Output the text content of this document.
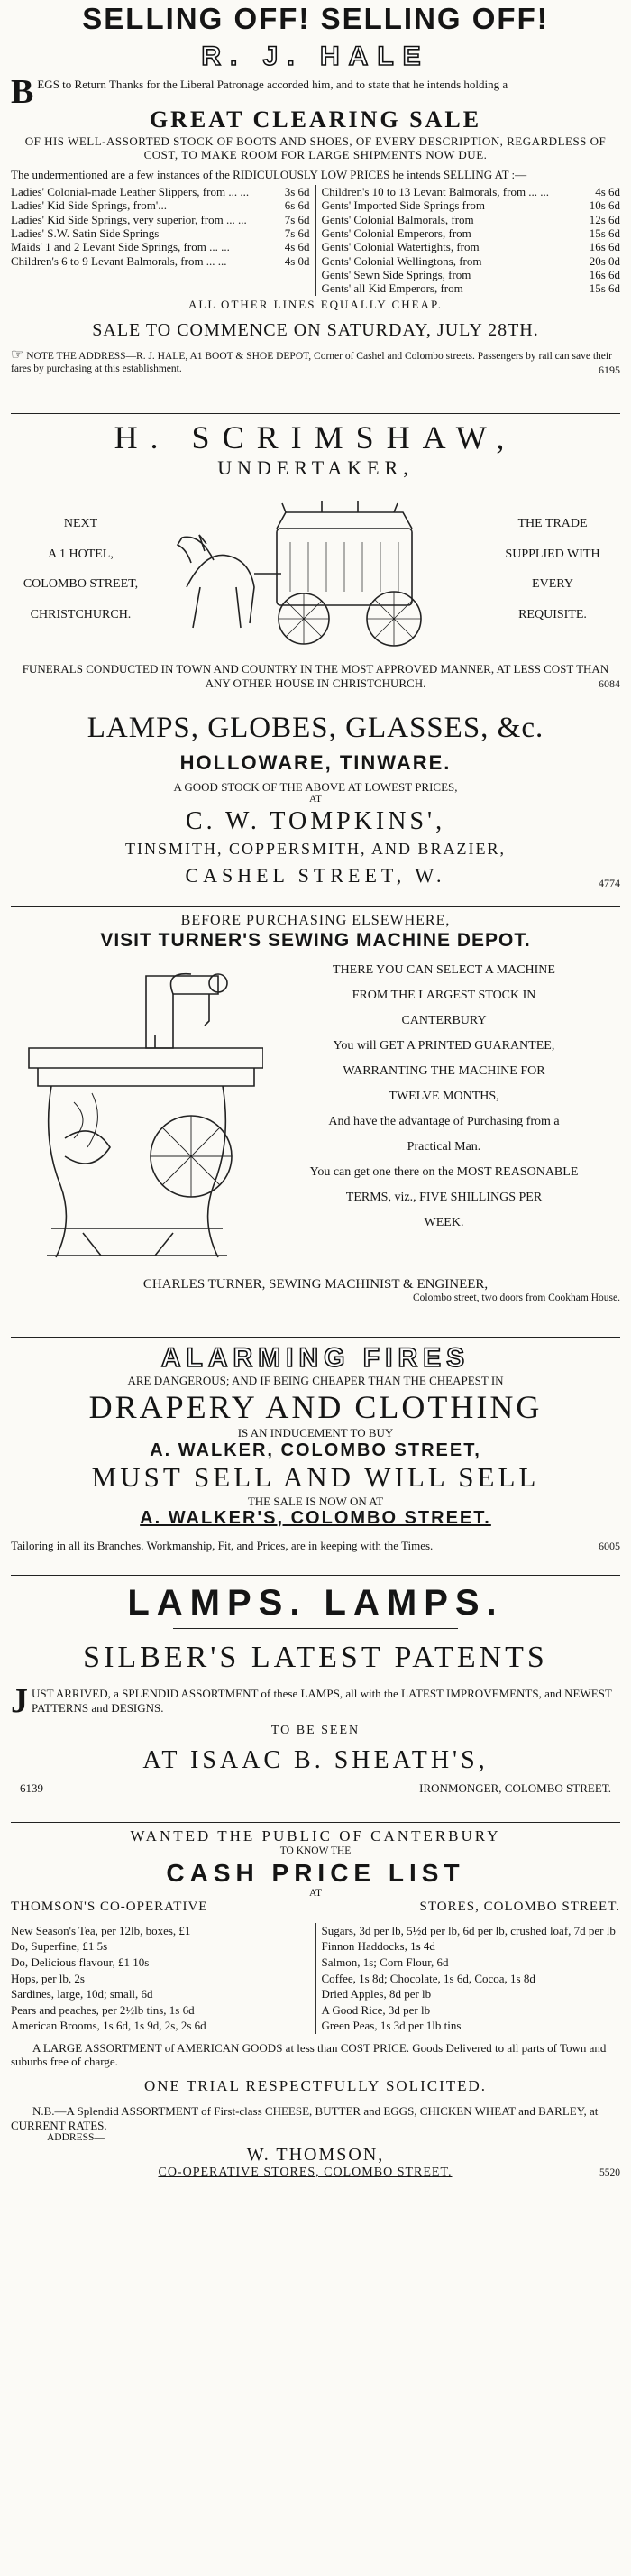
SELLING OFF! SELLING OFF!
R. J. HALE
B EGS to Return Thanks for the Liberal Patronage accorded him, and to state that he intends holding a
GREAT CLEARING SALE
OF HIS WELL-ASSORTED STOCK OF BOOTS AND SHOES, OF EVERY DESCRIPTION, REGARDLESS OF COST, TO MAKE ROOM FOR LARGE SHIPMENTS NOW DUE.
The undermentioned are a few instances of the RIDICULOUSLY LOW PRICES he intends SELLING AT :—
Ladies' Colonial-made Leather Slippers, from ... ...	3s 6d
Ladies' Kid Side Springs, from'...	6s 6d
Ladies' Kid Side Springs, very superior, from ... ...	7s 6d
Ladies' S.W. Satin Side Springs	7s 6d
Maids' 1 and 2 Levant Side Springs, from ... ...	4s 6d
Children's 6 to 9 Levant Balmorals, from ... ...	4s 0d
Children's 10 to 13 Levant Balmorals, from ... ...	4s 6d
Gents' Imported Side Springs from	10s 6d
Gents' Colonial Balmorals, from	12s 6d
Gents' Colonial Emperors, from	15s 6d
Gents' Colonial Watertights, from	16s 6d
Gents' Colonial Wellingtons, from	20s 0d
Gents' Sewn Side Springs, from	16s 6d
Gents' all Kid Emperors, from	15s 6d
ALL OTHER LINES EQUALLY CHEAP.
SALE TO COMMENCE ON SATURDAY, JULY 28TH.
☞ NOTE THE ADDRESS—R. J. HALE, A1 BOOT & SHOE DEPOT, Corner of Cashel and Colombo streets. Passengers by rail can save their fares by purchasing at this establishment.	6195
H. SCRIMSHAW,
UNDERTAKER,
NEXT
A 1 HOTEL,
COLOMBO STREET,
CHRISTCHURCH.
THE TRADE
SUPPLIED WITH
EVERY
REQUISITE.
FUNERALS CONDUCTED IN TOWN AND COUNTRY IN THE MOST APPROVED MANNER, AT LESS COST THAN ANY OTHER HOUSE IN CHRISTCHURCH.	6084
LAMPS, GLOBES, GLASSES, &c.
HOLLOWARE, TINWARE.
A GOOD STOCK OF THE ABOVE AT LOWEST PRICES,
AT
C. W. TOMPKINS',
TINSMITH, COPPERSMITH, AND BRAZIER,
CASHEL STREET, W.	4774
BEFORE PURCHASING ELSEWHERE,
VISIT TURNER'S SEWING MACHINE DEPOT.
THERE YOU CAN SELECT A MACHINE
FROM THE LARGEST STOCK IN
CANTERBURY
You will GET A PRINTED GUARANTEE,
WARRANTING THE MACHINE FOR
TWELVE MONTHS,
And have the advantage of Purchasing from a
Practical Man.
You can get one there on the MOST REASONABLE
TERMS, viz., FIVE SHILLINGS PER
WEEK.
CHARLES TURNER, SEWING MACHINIST & ENGINEER,
Colombo street, two doors from Cookham House.
ALARMING FIRES
ARE DANGEROUS; AND IF BEING CHEAPER THAN THE CHEAPEST IN
DRAPERY AND CLOTHING
IS AN INDUCEMENT TO BUY
A. WALKER, COLOMBO STREET,
MUST SELL AND WILL SELL
THE SALE IS NOW ON AT
A. WALKER'S, COLOMBO STREET.
Tailoring in all its Branches. Workmanship, Fit, and Prices, are in keeping with the Times.	6005
LAMPS. LAMPS.
SILBER'S LATEST PATENTS
J UST ARRIVED, a SPLENDID ASSORTMENT of these LAMPS, all with the LATEST IMPROVEMENTS, and NEWEST PATTERNS and DESIGNS.
TO BE SEEN
AT ISAAC B. SHEATH'S,
6139	IRONMONGER, COLOMBO STREET.
WANTED THE PUBLIC OF CANTERBURY
TO KNOW THE
CASH PRICE LIST
AT
THOMSON'S CO-OPERATIVE	STORES, COLOMBO STREET.
New Season's Tea, per 12lb, boxes, £1
Do, Superfine, £1 5s
Do, Delicious flavour, £1 10s
Hops, per lb, 2s
Sardines, large, 10d; small, 6d
Pears and peaches, per 2½lb tins, 1s 6d
American Brooms, 1s 6d, 1s 9d, 2s, 2s 6d
Sugars, 3d per lb, 5½d per lb, 6d per lb, crushed loaf, 7d per lb
Finnon Haddocks, 1s 4d
Salmon, 1s; Corn Flour, 6d
Coffee, 1s 8d; Chocolate, 1s 6d, Cocoa, 1s 8d
Dried Apples, 8d per lb
A Good Rice, 3d per lb
Green Peas, 1s 3d per 1lb tins
A LARGE ASSORTMENT of AMERICAN GOODS at less than COST PRICE. Goods Delivered to all parts of Town and suburbs free of charge.
ONE TRIAL RESPECTFULLY SOLICITED.
N.B.—A Splendid ASSORTMENT of First-class CHEESE, BUTTER and EGGS, CHICKEN WHEAT and BARLEY, at CURRENT RATES.
ADDRESS—
W. THOMSON,
CO-OPERATIVE STORES, COLOMBO STREET.	5520
